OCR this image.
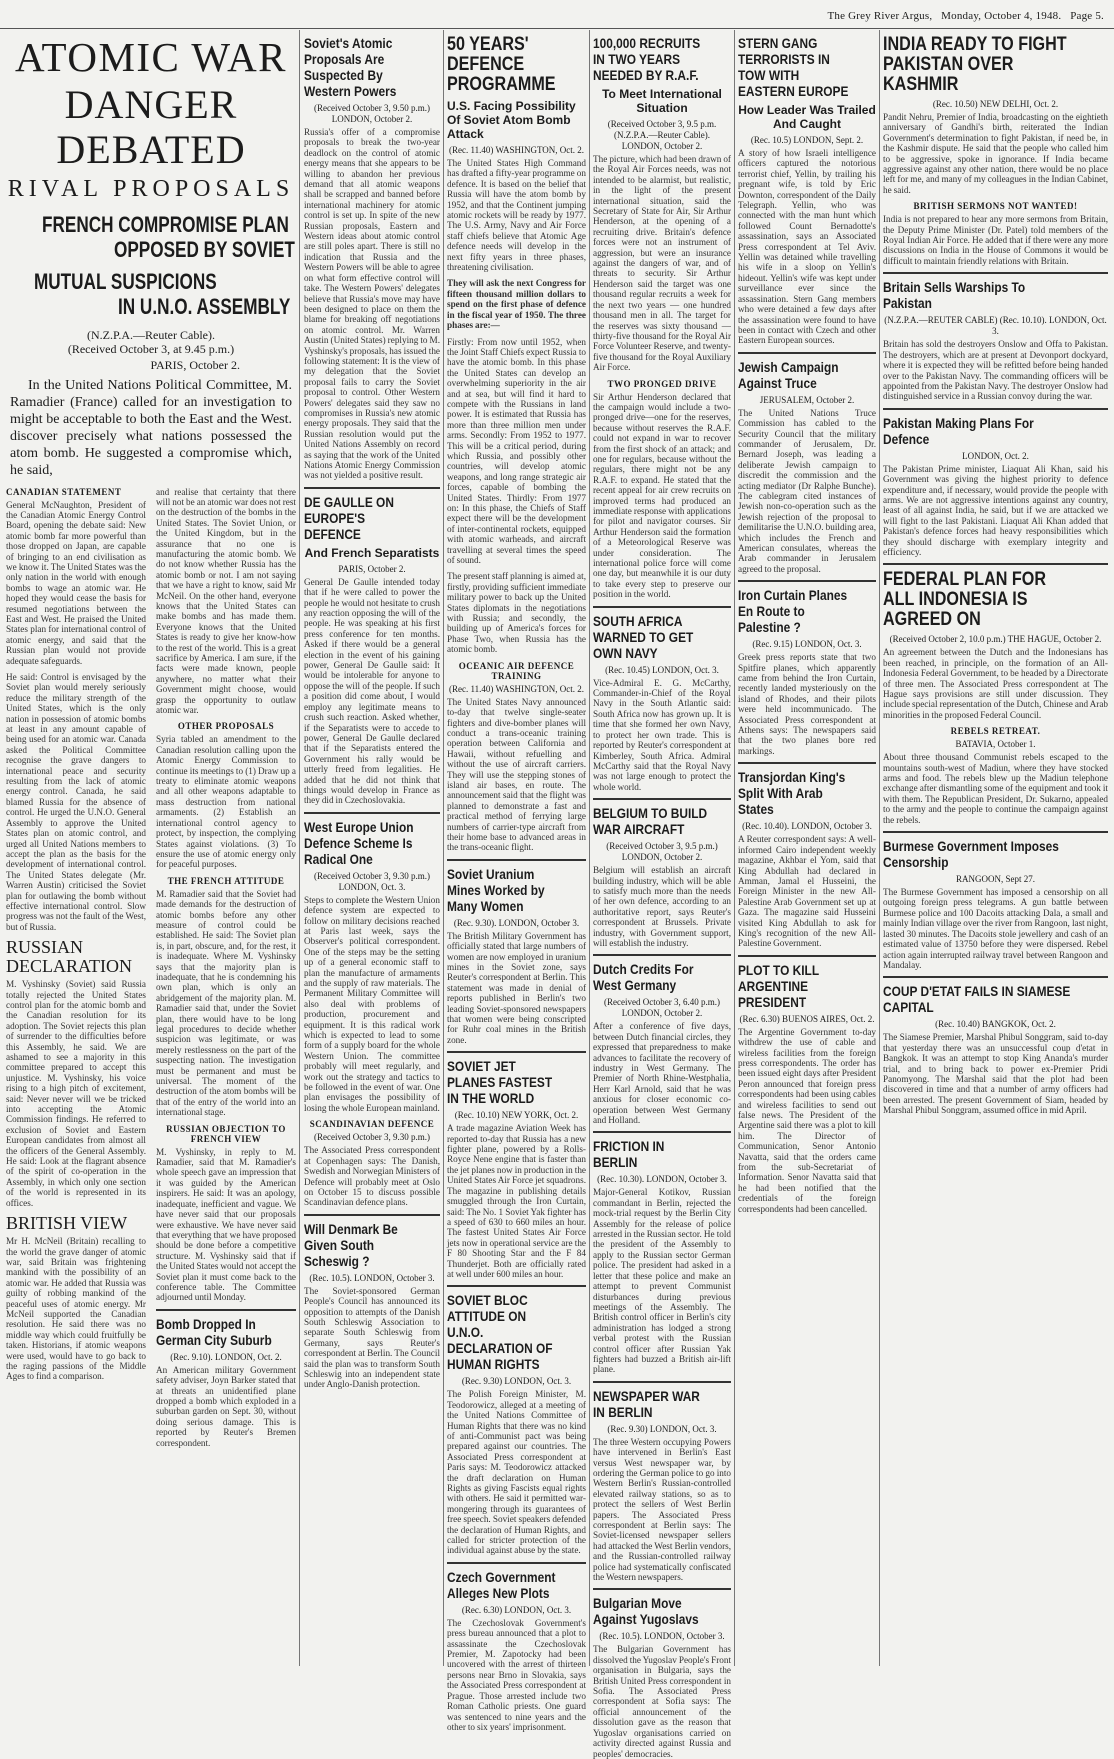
The Grey River Argus, Monday, October 4, 1948. Page 5.
ATOMIC WAR
DANGER DEBATED
RIVAL PROPOSALS
FRENCH COMPROMISE PLAN
OPPOSED BY SOVIET
MUTUAL SUSPICIONS
IN U.N.O. ASSEMBLY
(N.Z.P.A.—Reuter Cable).
(Received October 3, at 9.45 p.m.)
PARIS, October 2.

In the United Nations Political Committee, M. Ramadier (France) called for an investigation to might be acceptable to both the East and the West. discover precisely what nations possessed the atom bomb. He suggested a compromise which, he said,

CANADIAN STATEMENT

General McNaughton, President of the Canadian Atomic Energy Control Board, opening the debate said: New atomic bomb far more powerful than those dropped on Japan, are capable of bringing to an end civilisation as we know it. The United States was the only nation in the world with enough bombs to wage an atomic war. He hoped they would cease the basis for resumed negotiations between the East and West. He praised the United States plan for international control of atomic energy, and said that the Russian plan would not provide adequate safeguards.

He said: Control is envisaged by the Soviet plan would merely seriously reduce the military strength of the United States, which is the only nation in possession of atomic bombs at least in any amount capable of being used for an atomic war. Canada asked the Political Committee recognise the grave dangers to international peace and security resulting from the lack of atomic energy control. Canada, he said blamed Russia for the absence of control. He urged the U.N.O. General Assembly to approve the United States plan on atomic control, and urged all United Nations members to accept the plan as the basis for the development of international control. The United States delegate (Mr. Warren Austin) criticised the Soviet plan for outlawing the bomb without effective international control. Slow progress was not the fault of the West, but of Russia.

RUSSIAN DECLARATION

M. Vyshinsky (Soviet) said Russia totally rejected the United States control plan for the atomic bomb and the Canadian resolution for its adoption. The Soviet rejects this plan of surrender to the difficulties before this Assembly, he said. We are ashamed to see a majority in this committee prepared to accept this unjustice. M. Vyshinsky, his voice rising to a high pitch of excitement, said: Never never will we be tricked into accepting the Atomic Commission findings. He referred to exclusion of Soviet and Eastern European candidates from almost all the officers of the General Assembly. He said: Look at the flagrant absence of the spirit of co-operation in the Assembly, in which only one section of the world is represented in its offices.

BRITISH VIEW

Mr H. McNeil (Britain) recalling to the world the grave danger of atomic war, said Britain was frightening mankind with the possibility of an atomic war. He added that Russia was guilty of robbing mankind of the peaceful uses of atomic energy. Mr McNeil supported the Canadian resolution. He said there was no middle way which could fruitfully be taken. Historians, if atomic weapons were used, would have to go back to the raging passions of the Middle Ages to find a comparison.

and realise that certainty that there will not be an atomic war does not rest on the destruction of the bombs in the United States. The Soviet Union, or the United Kingdom, but in the assurance that no one is manufacturing the atomic bomb. We do not know whether Russia has the atomic bomb or not. I am not saying that we have a right to know, said Mr McNeil. On the other hand, everyone knows that the United States can make bombs and has made them. Everyone knows that the United States is ready to give her know-how to the rest of the world. This is a great sacrifice by America. I am sure, if the facts were made known, people anywhere, no matter what their Government might choose, would grasp the opportunity to outlaw atomic war.

OTHER PROPOSALS

Syria tabled an amendment to the Canadian resolution calling upon the Atomic Energy Commission to continue its meetings to (1) Draw up a treaty to eliminate atomic weapons and all other weapons adaptable to mass destruction from national armaments. (2) Establish an international control agency to protect, by inspection, the complying States against violations. (3) To ensure the use of atomic energy only for peaceful purposes.

THE FRENCH ATTITUDE

M. Ramadier said that the Soviet had made demands for the destruction of atomic bombs before any other measure of control could be established. He said: The Soviet plan is, in part, obscure, and, for the rest, it is inadequate. Where M. Vyshinsky says that the majority plan is inadequate, that he is condemning his own plan, which is only an abridgement of the majority plan. M. Ramadier said that, under the Soviet plan, there would have to be long legal procedures to decide whether suspicion was legitimate, or was merely restlessness on the part of the suspecting nation. The investigation must be permanent and must be universal. The moment of the destruction of the atom bombs will be that of the entry of the world into an international stage.

RUSSIAN OBJECTION TO FRENCH VIEW

M. Vyshinsky, in reply to M. Ramadier, said that M. Ramadier's whole speech gave an impression that it was guided by the American inspirers. He said: It was an apology, inadequate, inefficient and vague. We have never said that our proposals were exhaustive. We have never said that everything that we have proposed should be done before a competitive structure. M. Vyshinsky said that if the United States would not accept the Soviet plan it must come back to the conference table. The Committee adjourned until Monday.

Bomb Dropped In German City Suburb
(Rec. 9.10). LONDON, Oct. 2.

An American military Government safety adviser, Joyn Barker stated that at threats an unidentified plane dropped a bomb which exploded in a suburban garden on Sept. 30, without doing serious damage. This is reported by Reuter's Bremen correspondent.

Soviet's Atomic Proposals Are Suspected By Western Powers
(Received October 3, 9.50 p.m.) LONDON, October 2.

Russia's offer of a compromise proposals to break the two-year deadlock on the control of atomic energy means that she appears to be willing to abandon her previous demand that all atomic weapons shall be scrapped and banned before international machinery for atomic control is set up. In spite of the new Russian proposals, Eastern and Western ideas about atomic control are still poles apart. There is still no indication that Russia and the Western Powers will be able to agree on what form effective control will take. The Western Powers' delegates believe that Russia's move may have been designed to place on them the blame for breaking off negotiations on atomic control. Mr. Warren Austin (United States) replying to M. Vyshinsky's proposals, has issued the following statement: It is the view of my delegation that the Soviet proposal fails to carry the Soviet proposal to control. Other Western Powers' delegates said they saw no compromises in Russia's new atomic energy proposals. They said that the Russian resolution would put the United Nations Assembly on record as saying that the work of the United Nations Atomic Energy Commission was not yielded a positive result.

DE GAULLE ON EUROPE'S DEFENCE
And French Separatists
PARIS, October 2.

General De Gaulle intended today that if he were called to power the people he would not hesitate to crush any reaction opposing the will of the people. He was speaking at his first press conference for ten months. Asked if there would be a general election in the event of his gaining power, General De Gaulle said: It would be intolerable for anyone to oppose the will of the people. If such a position did come about, I would employ any legitimate means to crush such reaction. Asked whether, if the Separatists were to accede to power, General De Gaulle declared that if the Separatists entered the Government his rally would be utterly freed from legalities. He added that he did not think that things would develop in France as they did in Czechoslovakia.

West Europe Union Defence Scheme Is Radical One
(Received October 3, 9.30 p.m.) LONDON, Oct. 3.

Steps to complete the Western Union defence system are expected to follow on military decisions reached at Paris last week, says the Observer's political correspondent. One of the steps may be the setting up of a general economic staff to plan the manufacture of armaments and the supply of raw materials. The Permanent Military Committee will also deal with problems of production, procurement and equipment. It is this radical work which is expected to lead to some form of a supply board for the whole Western Union. The committee probably will meet regularly, and work out the strategy and tactics to be followed in the event of war. One plan envisages the possibility of losing the whole European mainland.

SCANDINAVIAN DEFENCE
(Received October 3, 9.30 p.m.)

The Associated Press correspondent at Copenhagen says: The Danish, Swedish and Norwegian Ministers of Defence will probably meet at Oslo on October 15 to discuss possible Scandinavian defence plans.

Will Denmark Be Given South Scheswig ?
(Rec. 10.5). LONDON, October 3.

The Soviet-sponsored German People's Council has announced its opposition to attempts of the Danish South Schleswig Association to separate South Schleswig from Germany, says Reuter's correspondent at Berlin. The Council said the plan was to transform South Schleswig into an independent state under Anglo-Danish protection.

50 YEARS' DEFENCE PROGRAMME
U.S. Facing Possibility Of Soviet Atom Bomb Attack
(Rec. 11.40) WASHINGTON, Oct. 2.

The United States High Command has drafted a fifty-year programme on defence. It is based on the belief that Russia will have the atom bomb by 1952, and that the Continent jumping atomic rockets will be ready by 1977. The U.S. Army, Navy and Air Force staff chiefs believe that Atomic Age defence needs will develop in the next fifty years in three phases, threatening civilisation.

They will ask the next Congress for fifteen thousand million dollars to spend on the first phase of defence in the fiscal year of 1950. The three phases are:—

Firstly: From now until 1952, when the Joint Staff Chiefs expect Russia to have the atomic bomb. In this phase the United States can develop an overwhelming superiority in the air and at sea, but will find it hard to compete with the Russians in land power. It is estimated that Russia has more than three million men under arms. Secondly: From 1952 to 1977. This will be a critical period, during which Russia, and possibly other countries, will develop atomic weapons, and long range strategic air forces, capable of bombing the United States. Thirdly: From 1977 on: In this phase, the Chiefs of Staff expect there will be the development of inter-continental rockets, equipped with atomic warheads, and aircraft travelling at several times the speed of sound.

The present staff planning is aimed at, firstly, providing sufficient immediate military power to back up the United States diplomats in the negotiations with Russia; and secondly, the building up of America's forces for Phase Two, when Russia has the atomic bomb.

OCEANIC AIR DEFENCE TRAINING
(Rec. 11.40) WASHINGTON, Oct. 2.

The United States Navy announced to-day that twelve single-seater fighters and dive-bomber planes will conduct a trans-oceanic training operation between California and Hawaii, without refuelling and without the use of aircraft carriers. They will use the stepping stones of island air bases, en route. The announcement said that the flight was planned to demonstrate a fast and practical method of ferrying large numbers of carrier-type aircraft from their home base to advanced areas in the trans-oceanic flight.

Soviet Uranium Mines Worked by Many Women
(Rec. 9.30). LONDON, October 3.

The British Military Government has officially stated that large numbers of women are now employed in uranium mines in the Soviet zone, says Reuter's correspondent at Berlin. This statement was made in denial of reports published in Berlin's two leading Soviet-sponsored newspapers that women were being conscripted for Ruhr coal mines in the British zone.

SOVIET JET PLANES FASTEST IN THE WORLD
(Rec. 10.10) NEW YORK, Oct. 2.

A trade magazine Aviation Week has reported to-day that Russia has a new fighter plane, powered by a Rolls-Royce Nene engine that is faster than the jet planes now in production in the United States Air Force jet squadrons. The magazine in publishing details smuggled through the Iron Curtain, said: The No. 1 Soviet Yak fighter has a speed of 630 to 660 miles an hour. The fastest United States Air Force jets now in operational service are the F 80 Shooting Star and the F 84 Thunderjet. Both are officially rated at well under 600 miles an hour.

SOVIET BLOC ATTITUDE ON U.N.O. DECLARATION OF HUMAN RIGHTS
(Rec. 9.30) LONDON, Oct. 3.

The Polish Foreign Minister, M. Teodorowicz, alleged at a meeting of the United Nations Committee of Human Rights that there was no kind of anti-Communist pact was being prepared against our countries. The Associated Press correspondent at Paris says: M. Teodorowicz attacked the draft declaration on Human Rights as giving Fascists equal rights with others. He said it permitted war-mongering through its guarantees of free speech. Soviet speakers defended the declaration of Human Rights, and called for stricter protection of the individual against abuse by the state.

Czech Government Alleges New Plots
(Rec. 6.30) LONDON, Oct. 3.

The Czechoslovak Government's press bureau announced that a plot to assassinate the Czechoslovak Premier, M. Zapotocky had been uncovered with the arrest of thirteen persons near Brno in Slovakia, says the Associated Press correspondent at Prague. Those arrested include two Roman Catholic priests. One guard was sentenced to nine years and the other to six years' imprisonment.

100,000 RECRUITS IN TWO YEARS NEEDED BY R.A.F.
To Meet International Situation
(Received October 3, 9.5 p.m. (N.Z.P.A.—Reuter Cable). LONDON, October 2.

The picture, which had been drawn of the Royal Air Forces needs, was not intended to be alarmist, but realistic, in the light of the present international situation, said the Secretary of State for Air, Sir Arthur Henderson, at the opening of a recruiting drive. Britain's defence forces were not an instrument of aggression, but were an insurance against the dangers of war, and of threats to security. Sir Arthur Henderson said the target was one thousand regular recruits a week for the next two years — one hundred thousand men in all. The target for the reserves was sixty thousand — thirty-five thousand for the Royal Air Force Volunteer Reserve, and twenty-five thousand for the Royal Auxiliary Air Force.

TWO PRONGED DRIVE

Sir Arthur Henderson declared that the campaign would include a two-pronged drive—one for the reserves, because without reserves the R.A.F. could not expand in war to recover from the first shock of an attack; and one for regulars, because without the regulars, there might not be any R.A.F. to expand. He stated that the recent appeal for air crew recruits on improved terms had produced an immediate response with applications for pilot and navigator courses. Sir Arthur Henderson said the formation of a Meteorological Reserve was under consideration. The international police force will come one day, but meanwhile it is our duty to take every step to preserve our position in the world.

SOUTH AFRICA WARNED TO GET OWN NAVY
(Rec. 10.45) LONDON, Oct. 3.

Vice-Admiral E. G. McCarthy, Commander-in-Chief of the Royal Navy in the South Atlantic said: South Africa now has grown up. It is time that she formed her own Navy, to protect her own trade. This is reported by Reuter's correspondent at Kimberley, South Africa. Admiral McCarthy said that the Royal Navy was not large enough to protect the whole world.

BELGIUM TO BUILD WAR AIRCRAFT
(Received October 3, 9.5 p.m.) LONDON, October 2.

Belgium will establish an aircraft building industry, which will be able to satisfy much more than the needs of her own defence, according to an authoritative report, says Reuter's correspondent at Brussels. Private industry, with Government support, will establish the industry.

Dutch Credits For West Germany
(Received October 3, 6.40 p.m.) LONDON, October 2.

After a conference of five days, between Dutch financial circles, they expressed that preparedness to make advances to facilitate the recovery of industry in West Germany. The Premier of North Rhine-Westphalia, Herr Karl Arnold, said that he was anxious for closer economic co-operation between West Germany and Holland.

FRICTION IN BERLIN
(Rec. 10.30). LONDON, October 3.

Major-General Kotikov, Russian commandant in Berlin, rejected the mock-trial request by the Berlin City Assembly for the release of police arrested in the Russian sector. He told the president of the Assembly to apply to the Russian sector German police. The president had asked in a letter that these police and make an attempt to prevent Communist disturbances during previous meetings of the Assembly. The British control officer in Berlin's city administration has lodged a strong verbal protest with the Russian control officer after Russian Yak fighters had buzzed a British air-lift plane.

NEWSPAPER WAR IN BERLIN
(Rec. 9.30) LONDON, Oct. 3.

The three Western occupying Powers have intervened in Berlin's East versus West newspaper war, by ordering the German police to go into Western Berlin's Russian-controlled elevated railway stations, so as to protect the sellers of West Berlin papers. The Associated Press correspondent at Berlin says: The Soviet-licensed newspaper sellers had attacked the West Berlin vendors, and the Russian-controlled railway police had systematically confiscated the Western newspapers.

Bulgarian Move Against Yugoslavs
(Rec. 10.5). LONDON, October 3.

The Bulgarian Government has dissolved the Yugoslav People's Front organisation in Bulgaria, says the British United Press correspondent in Sofia. The Associated Press correspondent at Sofia says: The official announcement of the dissolution gave as the reason that Yugoslav organisations carried on activity directed against Russia and peoples' democracies.

STERN GANG TERRORISTS IN TOW WITH EASTERN EUROPE
How Leader Was Trailed And Caught
(Rec. 10.5) LONDON, Sept. 2.

A story of how Israeli intelligence officers captured the notorious terrorist chief, Yellin, by trailing his pregnant wife, is told by Eric Downton, correspondent of the Daily Telegraph. Yellin, who was connected with the man hunt which followed Count Bernadotte's assassination, says an Associated Press correspondent at Tel Aviv. Yellin was detained while travelling his wife in a sloop on Yellin's hideout. Yellin's wife was kept under surveillance ever since the assassination. Stern Gang members who were detained a few days after the assassination were found to have been in contact with Czech and other Eastern European sources.

Jewish Campaign Against Truce
JERUSALEM, October 2.

The United Nations Truce Commission has cabled to the Security Council that the military commander of Jerusalem, Dr. Bernard Joseph, was leading a deliberate Jewish campaign to discredit the commission and the acting mediator (Dr Ralphe Bunche). The cablegram cited instances of Jewish non-co-operation such as the Jewish rejection of the proposal to demilitarise the U.N.O. building area, which includes the French and American consulates, whereas the Arab commander in Jerusalem agreed to the proposal.

Iron Curtain Planes En Route to Palestine ?
(Rec. 9.15) LONDON, Oct. 3.

Greek press reports state that two Spitfire planes, which apparently came from behind the Iron Curtain, recently landed mysteriously on the island of Rhodes, and their pilots were held incommunicado. The Associated Press correspondent at Athens says: The newspapers said that the two planes bore red markings.

Transjordan King's Split With Arab States
(Rec. 10.40). LONDON, October 3.

A Reuter correspondent says: A well-informed Cairo independent weekly magazine, Akhbar el Yom, said that King Abdullah had declared in Amman, Jamal el Husseini, the Foreign Minister in the new All-Palestine Arab Government set up at Gaza. The magazine said Husseini visited King Abdullah to ask for King's recognition of the new All-Palestine Government.

PLOT TO KILL ARGENTINE PRESIDENT
(Rec. 6.30) BUENOS AIRES, Oct. 2.

The Argentine Government to-day withdrew the use of cable and wireless facilities from the foreign press correspondents. The order has been issued eight days after President Peron announced that foreign press correspondents had been using cables and wireless facilities to send out false news. The President of the Argentine said there was a plot to kill him. The Director of Communication, Senor Antonio Navatta, said that the orders came from the sub-Secretariat of Information. Senor Navatta said that he had been notified that the credentials of the foreign correspondents had been cancelled.

INDIA READY TO FIGHT PAKISTAN OVER KASHMIR
(Rec. 10.50) NEW DELHI, Oct. 2.

Pandit Nehru, Premier of India, broadcasting on the eightieth anniversary of Gandhi's birth, reiterated the Indian Government's determination to fight Pakistan, if need be, in the Kashmir dispute. He said that the people who called him to be aggressive, spoke in ignorance. If India became aggressive against any other nation, there would be no place left for me, and many of my colleagues in the Indian Cabinet, he said.

BRITISH SERMONS NOT WANTED!

India is not prepared to hear any more sermons from Britain, the Deputy Prime Minister (Dr. Patel) told members of the Royal Indian Air Force. He added that if there were any more discussions on India in the House of Commons it would be difficult to maintain friendly relations with Britain.

Britain Sells Warships To Pakistan
(N.Z.P.A.—REUTER CABLE) (Rec. 10.10). LONDON, Oct. 3.

Britain has sold the destroyers Onslow and Offa to Pakistan. The destroyers, which are at present at Devonport dockyard, where it is expected they will be refitted before being handed over to the Pakistan Navy. The commanding officers will be appointed from the Pakistan Navy. The destroyer Onslow had distinguished service in a Russian convoy during the war.

Pakistan Making Plans For Defence
LONDON, Oct. 2.

The Pakistan Prime minister, Liaquat Ali Khan, said his Government was giving the highest priority to defence expenditure and, if necessary, would provide the people with arms. We are not aggressive intentions against any country, least of all against India, he said, but if we are attacked we will fight to the last Pakistani. Liaquat Ali Khan added that Pakistan's defence forces had heavy responsibilities which they should discharge with exemplary integrity and efficiency.

FEDERAL PLAN FOR ALL INDONESIA IS AGREED ON
(Received October 2, 10.0 p.m.) THE HAGUE, October 2.

An agreement between the Dutch and the Indonesians has been reached, in principle, on the formation of an All-Indonesia Federal Government, to be headed by a Directorate of three men. The Associated Press correspondent at The Hague says provisions are still under discussion. They include special representation of the Dutch, Chinese and Arab minorities in the proposed Federal Council.

REBELS RETREAT.
BATAVIA, October 1.

About three thousand Communist rebels escaped to the mountains south-west of Madiun, where they have stocked arms and food. The rebels blew up the Madiun telephone exchange after dismantling some of the equipment and took it with them. The Republican President, Dr. Sukarno, appealed to the army and the people to continue the campaign against the rebels.

Burmese Government Imposes Censorship
RANGOON, Sept 27.

The Burmese Government has imposed a censorship on all outgoing foreign press telegrams. A gun battle between Burmese police and 100 Dacoits attacking Dala, a small and mainly Indian village over the river from Rangoon, last night, lasted 30 minutes. The Dacoits stole jewellery and cash of an estimated value of 13750 before they were dispersed. Rebel action again interrupted railway travel between Rangoon and Mandalay.

COUP D'ETAT FAILS IN SIAMESE CAPITAL
(Rec. 10.40) BANGKOK, Oct. 2.

The Siamese Premier, Marshal Phibul Songgram, said to-day that yesterday there was an unsuccessful coup d'etat in Bangkok. It was an attempt to stop King Ananda's murder trial, and to bring back to power ex-Premier Pridi Panomyong. The Marshal said that the plot had been discovered in time and that a number of army officers had been arrested. The present Government of Siam, headed by Marshal Phibul Songgram, assumed office in mid April.
